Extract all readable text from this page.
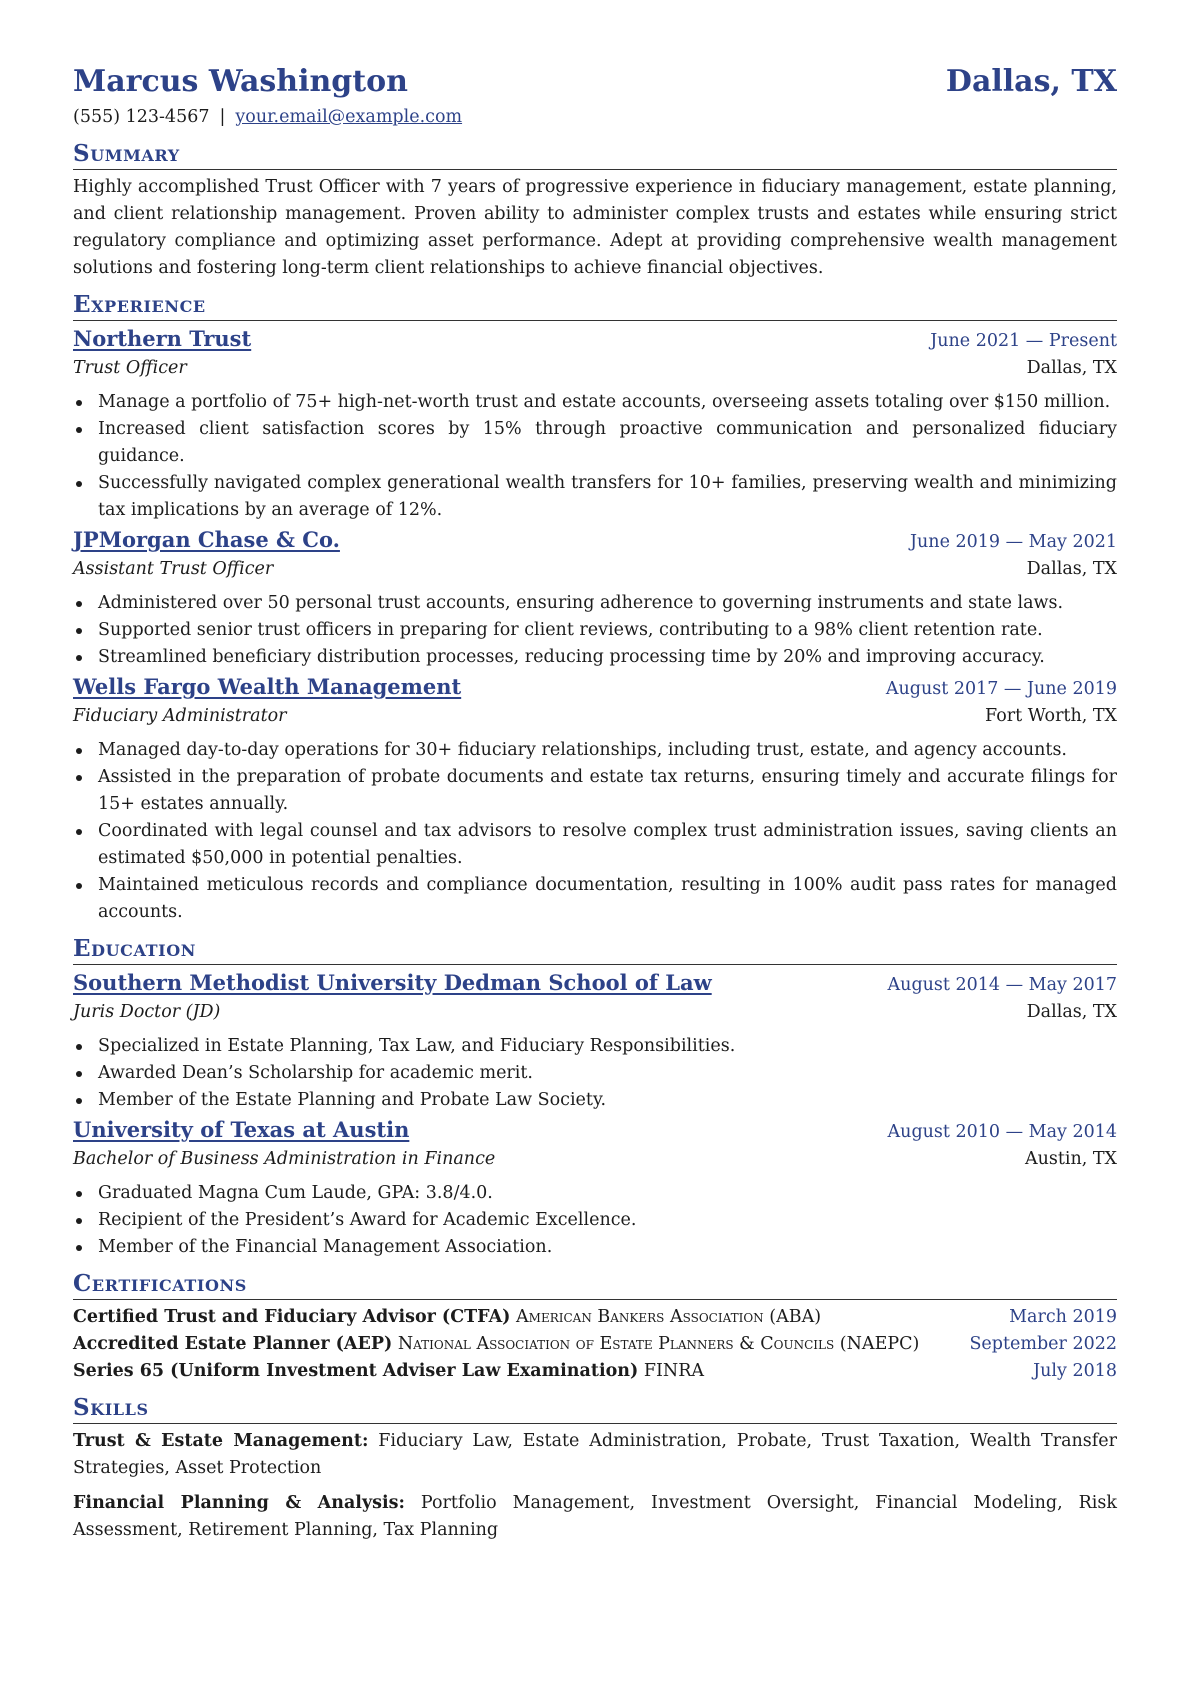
Marcus Washington	Dallas, TX
(555) 123-4567 | your.email@example.com
Summary
Highly accomplished Trust Officer with 7 years of progressive experience in fiduciary management, estate planning, and client relationship management. Proven ability to administer complex trusts and estates while ensuring strict regulatory compliance and optimizing asset performance. Adept at providing comprehensive wealth management solutions and fostering long-term client relationships to achieve financial objectives.
Experience
Northern Trust	June 2021 — Present
Trust Officer	Dallas, TX
Manage a portfolio of 75+ high-net-worth trust and estate accounts, overseeing assets totaling over $150 million.
Increased client satisfaction scores by 15% through proactive communication and personalized fiduciary guidance.
Successfully navigated complex generational wealth transfers for 10+ families, preserving wealth and minimizing tax implications by an average of 12%.
JPMorgan Chase & Co.	June 2019 — May 2021
Assistant Trust Officer	Dallas, TX
Administered over 50 personal trust accounts, ensuring adherence to governing instruments and state laws.
Supported senior trust officers in preparing for client reviews, contributing to a 98% client retention rate.
Streamlined beneficiary distribution processes, reducing processing time by 20% and improving accuracy.
Wells Fargo Wealth Management	August 2017 — June 2019
Fiduciary Administrator	Fort Worth, TX
Managed day-to-day operations for 30+ fiduciary relationships, including trust, estate, and agency accounts.
Assisted in the preparation of probate documents and estate tax returns, ensuring timely and accurate filings for 15+ estates annually.
Coordinated with legal counsel and tax advisors to resolve complex trust administration issues, saving clients an estimated $50,000 in potential penalties.
Maintained meticulous records and compliance documentation, resulting in 100% audit pass rates for managed accounts.
Education
Southern Methodist University Dedman School of Law	August 2014 — May 2017
Juris Doctor (JD)	Dallas, TX
Specialized in Estate Planning, Tax Law, and Fiduciary Responsibilities.
Awarded Dean’s Scholarship for academic merit.
Member of the Estate Planning and Probate Law Society.
University of Texas at Austin	August 2010 — May 2014
Bachelor of Business Administration in Finance	Austin, TX
Graduated Magna Cum Laude, GPA: 3.8/4.0.
Recipient of the President’s Award for Academic Excellence.
Member of the Financial Management Association.
Certifications
Certified Trust and Fiduciary Advisor (CTFA) American Bankers Association (ABA)	March 2019
Accredited Estate Planner (AEP) National Association of Estate Planners & Councils (NAEPC)	September 2022
Series 65 (Uniform Investment Adviser Law Examination) FINRA	July 2018
Skills
Trust & Estate Management: Fiduciary Law, Estate Administration, Probate, Trust Taxation, Wealth Transfer Strategies, Asset Protection
Financial Planning & Analysis: Portfolio Management, Investment Oversight, Financial Modeling, Risk Assessment, Retirement Planning, Tax Planning
